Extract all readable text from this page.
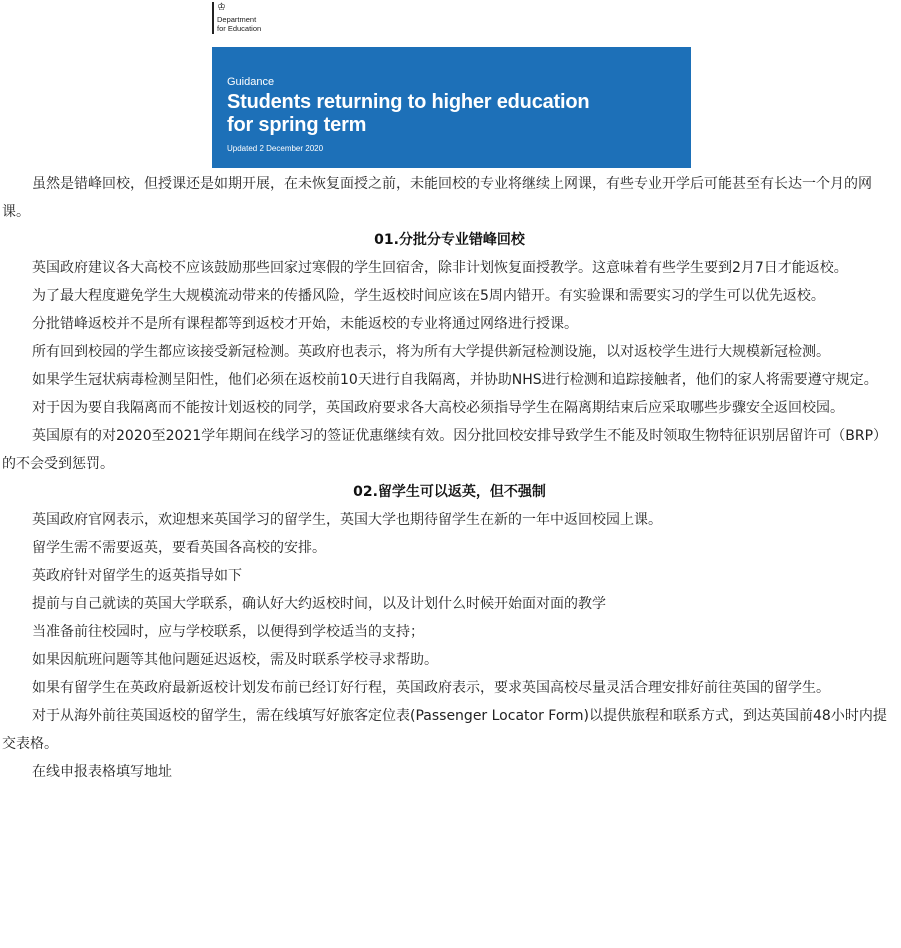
♔
Department
for Education
Guidance
Students returning to higher education
for spring term
Updated 2 December 2020

虽然是错峰回校，但授课还是如期开展，在未恢复面授之前，未能回校的专业将继续上网课，有些专业开学后可能甚至有长达一个月的网课。

01.分批分专业错峰回校

英国政府建议各大高校不应该鼓励那些回家过寒假的学生回宿舍，除非计划恢复面授教学。这意味着有些学生要到2月7日才能返校。

为了最大程度避免学生大规模流动带来的传播风险，学生返校时间应该在5周内错开。有实验课和需要实习的学生可以优先返校。

分批错峰返校并不是所有课程都等到返校才开始，未能返校的专业将通过网络进行授课。

所有回到校园的学生都应该接受新冠检测。英政府也表示，将为所有大学提供新冠检测设施，以对返校学生进行大规模新冠检测。

如果学生冠状病毒检测呈阳性，他们必须在返校前10天进行自我隔离，并协助NHS进行检测和追踪接触者，他们的家人将需要遵守规定。

对于因为要自我隔离而不能按计划返校的同学，英国政府要求各大高校必须指导学生在隔离期结束后应采取哪些步骤安全返回校园。

英国原有的对2020至2021学年期间在线学习的签证优惠继续有效。因分批回校安排导致学生不能及时领取生物特征识别居留许可（BRP）的不会受到惩罚。

02.留学生可以返英，但不强制

英国政府官网表示，欢迎想来英国学习的留学生，英国大学也期待留学生在新的一年中返回校园上课。

留学生需不需要返英，要看英国各高校的安排。

英政府针对留学生的返英指导如下

提前与自己就读的英国大学联系，确认好大约返校时间，以及计划什么时候开始面对面的教学

当准备前往校园时，应与学校联系，以便得到学校适当的支持；

如果因航班问题等其他问题延迟返校，需及时联系学校寻求帮助。

如果有留学生在英政府最新返校计划发布前已经订好行程，英国政府表示，要求英国高校尽量灵活合理安排好前往英国的留学生。

对于从海外前往英国返校的留学生，需在线填写好旅客定位表(Passenger Locator Form)以提供旅程和联系方式，到达英国前48小时内提交表格。

在线申报表格填写地址
